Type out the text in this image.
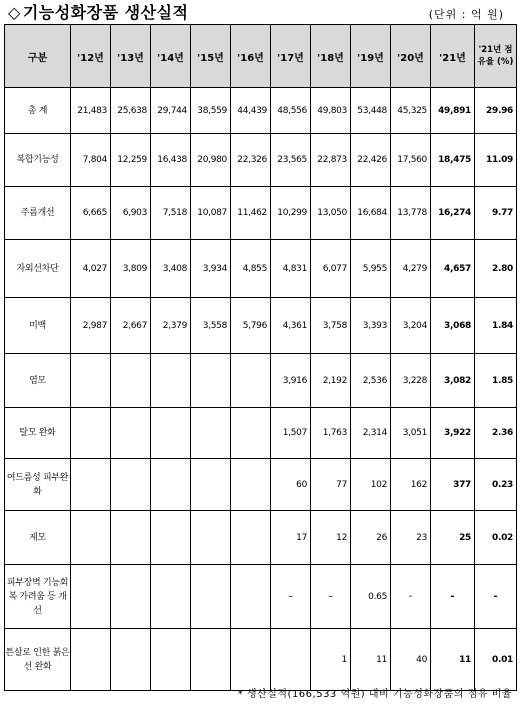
◇ 기능성화장품 생산실적	(단위 : 억 원)
구분	'12년	'13년	'14년	'15년	'16년	'17년	'18년	'19년	'20년	'21년	'21년 점유율 (%)
총 계	21,483	25,638	29,744	38,559	44,439	48,556	49,803	53,448	45,325	49,891	29.96
복합기능성	7,804	12,259	16,438	20,980	22,326	23,565	22,873	22,426	17,560	18,475	11.09
주름개선	6,665	6,903	7,518	10,087	11,462	10,299	13,050	16,684	13,778	16,274	9.77
자외선차단	4,027	3,809	3,408	3,934	4,855	4,831	6,077	5,955	4,279	4,657	2.80
미백	2,987	2,667	2,379	3,558	5,796	4,361	3,758	3,393	3,204	3,068	1.84
염모						3,916	2,192	2,536	3,228	3,082	1.85
탈모 완화						1,507	1,763	2,314	3,051	3,922	2.36
여드름성 피부완화						60	77	102	162	377	0.23
제모						17	12	26	23	25	0.02
피부장벽 기능회복 가려움 등 개선						–	–	0.65	-	-	-
튼살로 인한 붉은선 완화							1	11	40	11	0.01
* 생산실적(166,533 억원) 대비 기능성화장품의 점유 비율
